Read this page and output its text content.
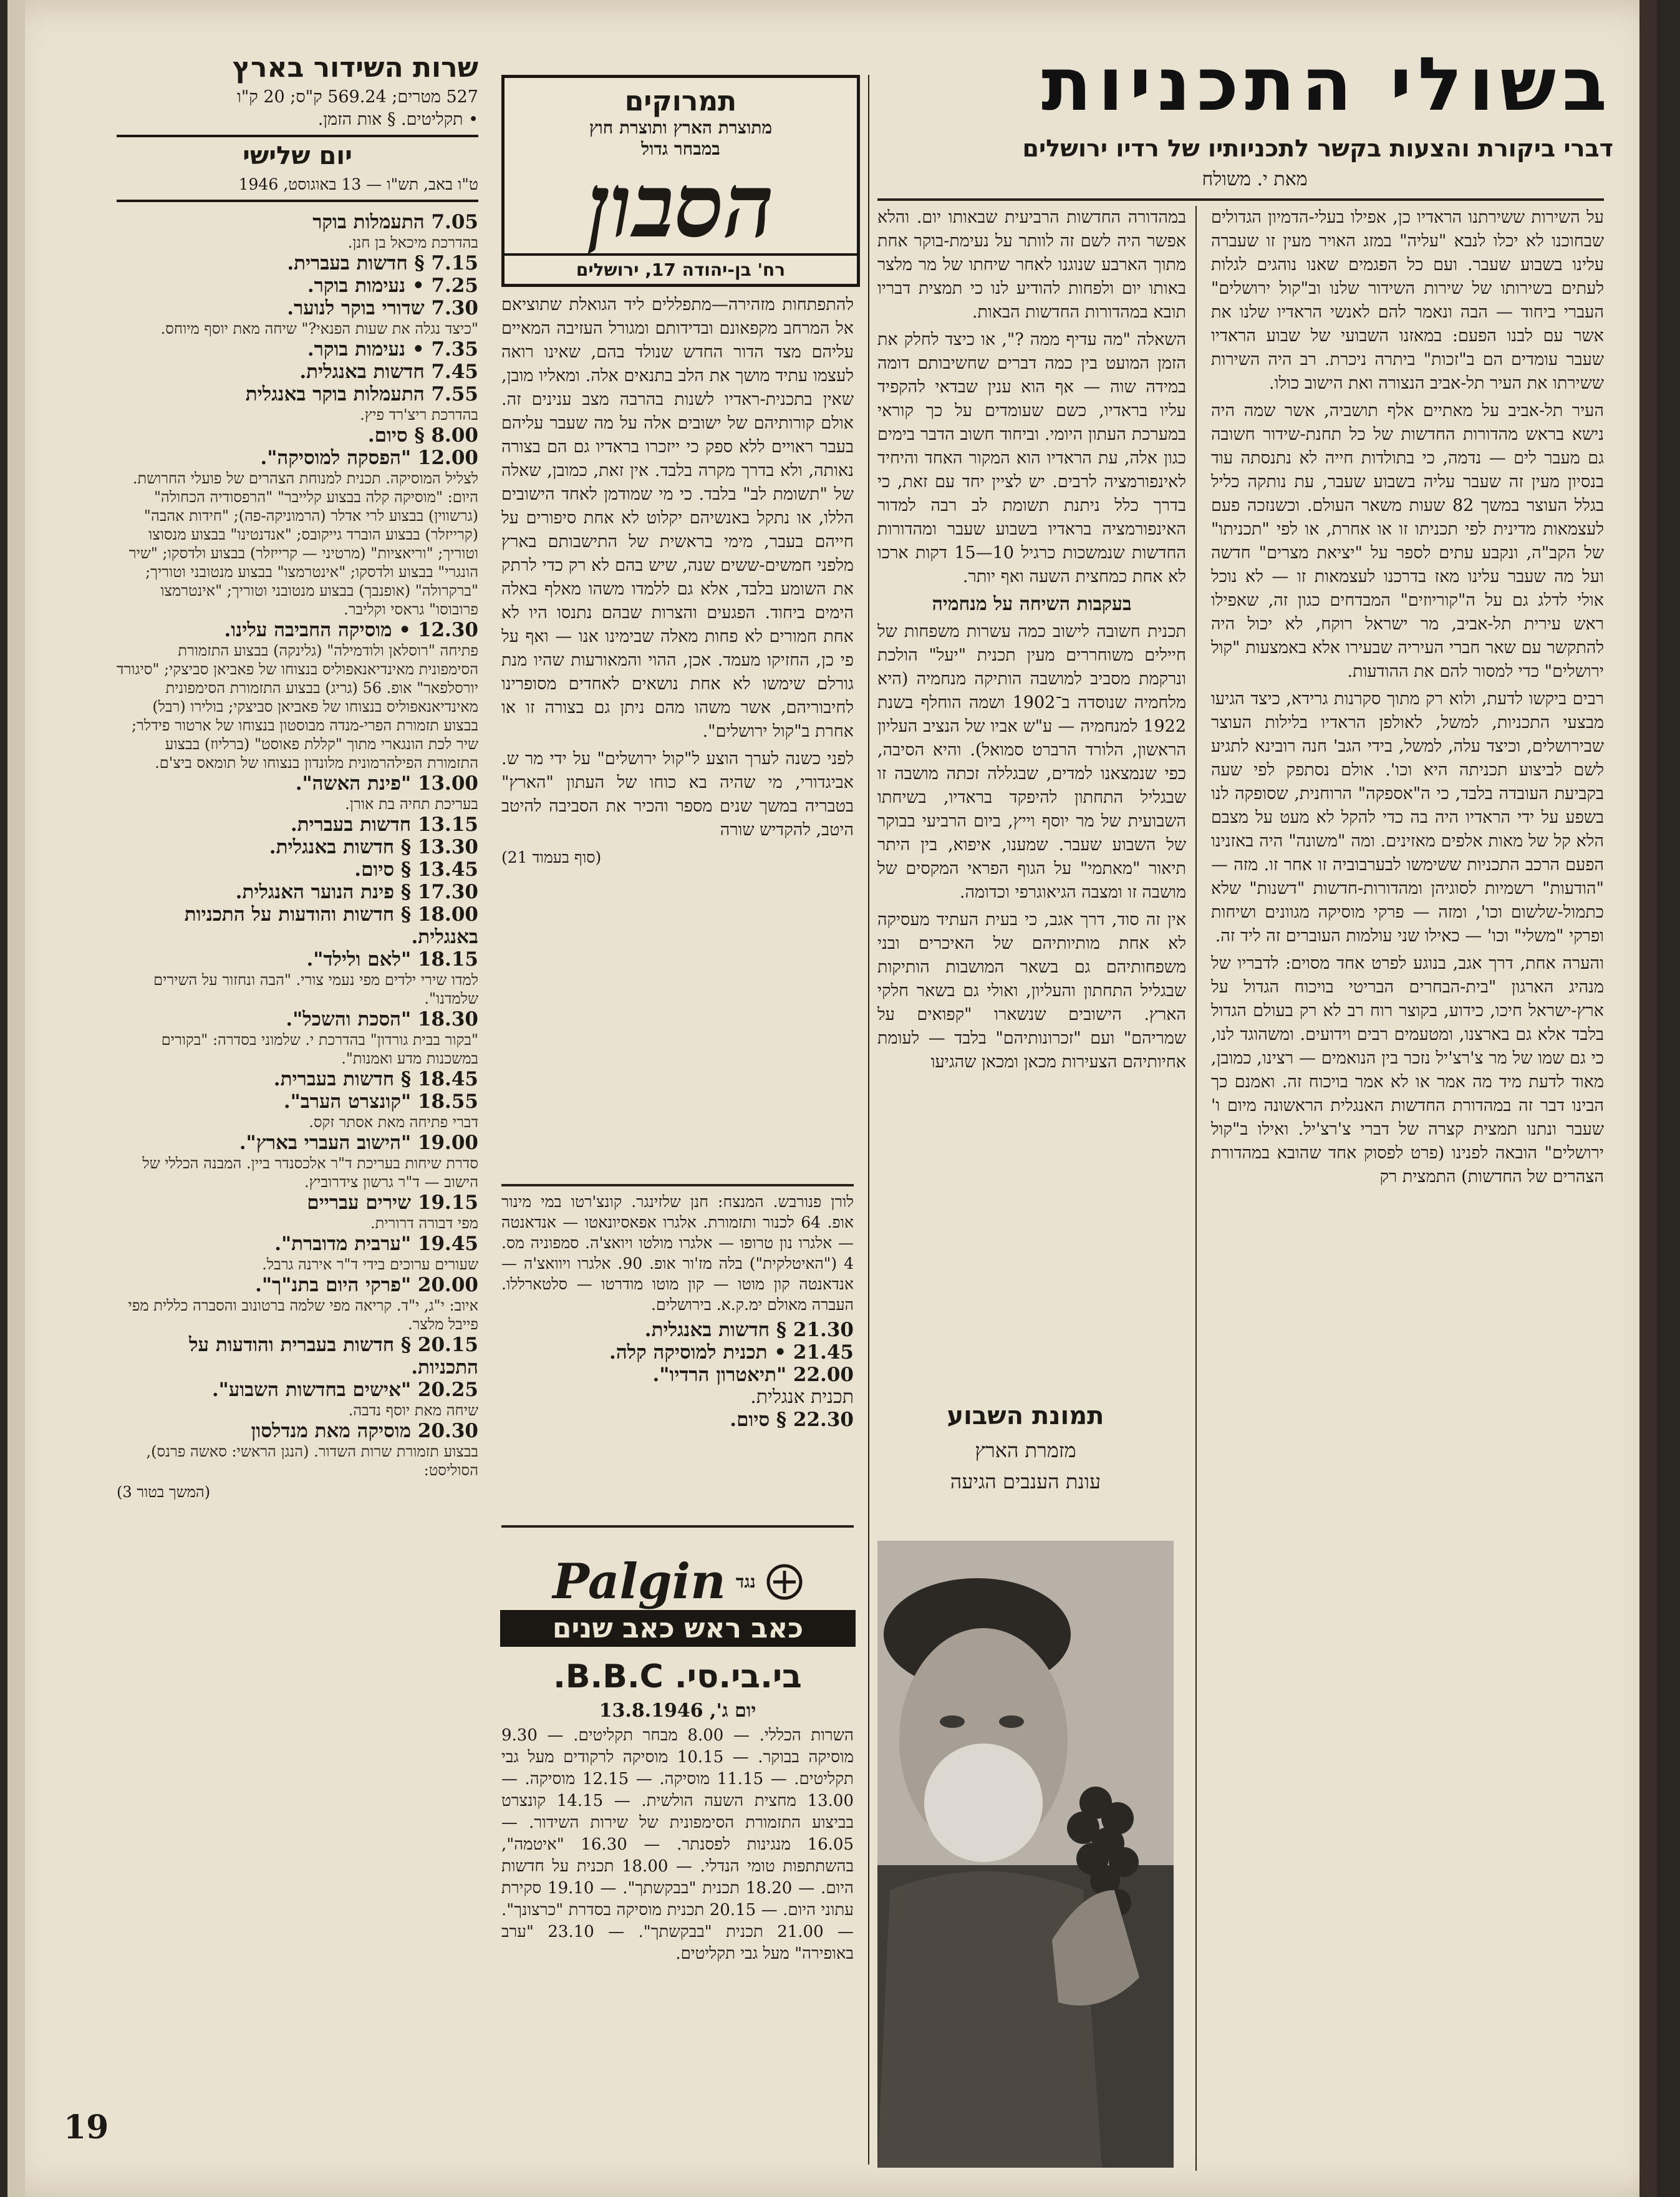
בשולי התכניות
דברי ביקורת והצעות בקשר לתכניותיו של רדיו ירושלים
מאת י. משולח

על השירות ששירתנו הראדיו כן, אפילו בעלי-הדמיון הגדולים שבחוכנו לא יכלו לנבא "עליה" במזג האויר מעין זו שעברה עלינו בשבוע שעבר. ועם כל הפגמים שאנו נוהגים לגלות לעתים בשירותו של שירות השידור שלנו וב"קול ירושלים" העברי ביחוד — הבה ונאמר להם לאנשי הראדיו שלנו את אשר עם לבנו הפעם: במאזנו השבועי של שבוע הראדיו שעבר עומדים הם ב"זכות" ביתרה ניכרת. רב היה השירות ששירתו את העיר תל-אביב הנצורה ואת הישוב כולו.

העיר תל-אביב על מאתיים אלף תושביה, אשר שמה היה נישא בראש מהדורות החדשות של כל תחנת-שידור חשובה גם מעבר לים — נדמה, כי בתולדות חייה לא נתנסתה עוד בנסיון מעין זה שעבר עליה בשבוע שעבר, עת נותקה כליל בגלל העוצר במשך 82 שעות משאר העולם. וכשנזכה פעם לעצמאות מדינית לפי תכניתו זו או אחרת, או לפי "תכניתו" של הקב"ה, ונקבע עתים לספר על "יציאת מצרים" חדשה ועל מה שעבר עלינו מאז בדרכנו לעצמאות זו — לא נוכל אולי לדלג גם על ה"קוריוזים" המבדחים כגון זה, שאפילו ראש עירית תל-אביב, מר ישראל רוקח, לא יכול היה להתקשר עם שאר חברי העיריה שבעירו אלא באמצעות "קול ירושלים" כדי למסור להם את ההודעות.

רבים ביקשו לדעת, ולוא רק מתוך סקרנות גרידא, כיצד הגיעו מבצעי התכניות, למשל, לאולפן הראדיו בלילות העוצר שבירושלים, וכיצד עלה, למשל, בידי הגב' חנה רובינא לתגיע לשם לביצוע תכניתה היא וכו'. אולם נסתפק לפי שעה בקביעת העובדה בלבד, כי ה"אספקה" הרוחנית, שסופקה לנו בשפע על ידי הראדיו היה בה כדי להקל לא מעט על מצבם הלא קל של מאות אלפים מאזינים. ומה "משונה" היה באזנינו הפעם הרכב התכניות ששימשו לבערבוביה זו אחר זו. מזה — "הודעות" רשמיות לסוגיהן ומהדורות-חדשות "דשנות" שלא כתמול-שלשום וכו', ומזה — פרקי מוסיקה מגוונים ושיחות ופרקי "משלי" וכו' — כאילו שני עולמות העוברים זה ליד זה.

והערה אחת, דרך אגב, בנוגע לפרט אחד מסוים: לדבריו של מנהיג הארגון "בית-הבחרים הבריטי בויכוח הגדול על ארץ-ישראל חיכו, כידוע, בקוצר רוח רב לא רק בעולם הגדול בלבד אלא גם בארצנו, ומטעמים רבים וידועים. ומשהוגד לנו, כי גם שמו של מר צ'רצ'יל נזכר בין הנואמים — רצינו, כמובן, מאוד לדעת מיד מה אמר או לא אמר בויכוח זה. ואמנם כך הבינו דבר זה במהדורת החדשות האנגלית הראשונה מיום ו' שעבר ונתנו תמצית קצרה של דברי צ'רצ'יל. ואילו ב"קול ירושלים" הובאה לפנינו (פרט לפסוק אחד שהובא במהדורת הצהרים של החדשות) התמצית רק

במהדורה החדשות הרביעית שבאותו יום. והלא אפשר היה לשם זה לוותר על נעימת-בוקר אחת מתוך הארבע שנוגנו לאחר שיחתו של מר מלצר באותו יום ולפחות להודיע לנו כי תמצית דבריו תובא במהדורות החדשות הבאות.

השאלה "מה עדיף ממה ?", או כיצד לחלק את הזמן המועט בין כמה דברים שחשיבותם דומה במידה שוה — אף הוא ענין שבדאי להקפיד עליו בראדיו, כשם שעומדים על כך קוראי במערכת העתון היומי. וביחוד חשוב הדבר בימים כגון אלה, עת הראדיו הוא המקור האחד והיחיד לאינפורמציה לרבים. יש לציין יחד עם זאת, כי בדרך כלל ניתנת תשומת לב רבה למדור האינפורמציה בראדיו בשבוע שעבר ומהדורות החדשות שנמשכות כרגיל 10—15 דקות ארכו לא אחת כמחצית השעה ואף יותר.

בעקבות השיחה על מנחמיה

תכנית חשובה לישוב כמה עשרות משפחות של חיילים משוחררים מעין תכנית "יעל" הולכת ונרקמת מסביב למושבה הותיקה מנחמיה (היא מלחמיה שנוסדה ב־1902 ושמה הוחלף בשנת 1922 למנחמיה — ע"ש אביו של הנציב העליון הראשון, הלורד הרברט סמואל). והיא הסיבה, כפי שנמצאנו למדים, שבגללה זכתה מושבה זו שבגליל התחתון להיפקד בראדיו, בשיחתו השבועית של מר יוסף וייץ, ביום הרביעי בבוקר של השבוע שעבר. שמענו, איפוא, בין היתר תיאור "מאתמי" על הגוף הפראי המקסים של מושבה זו ומצבה הגיאוגרפי וכדומה.

אין זה סוד, דרך אגב, כי בעית העתיד מעסיקה לא אחת מותיותיהם של האיכרים ובני משפחותיהם גם בשאר המושבות הותיקות שבגליל התחתון והעליון, ואולי גם בשאר חלקי הארץ. הישובים שנשארו "קפואים על שמריהם" ועם "זכרונותיהם" בלבד — לעומת אחיותיהם הצעירות מכאן ומכאן שהגיעו

תמונת השבוע
מזמרת הארץ
עונת הענבים הגיעה
תמרוקים
מתוצרת הארץ ותוצרת חוץ
במבחר גדול
הסבון
רח' בן-יהודה 17, ירושלים

להתפתחות מזהירה—מתפללים ליד הגואלת שתוציאם אל המרחב מקפאונם ובדידותם ומגורל העזיבה המאיים עליהם מצד הדור החדש שנולד בהם, שאינו רואה לעצמו עתיד מושך את הלב בתנאים אלה. ומאליו מובן, שאין בתכנית-ראדיו לשנות בהרבה מצב ענינים זה. אולם קורותיהם של ישובים אלה על מה שעבר עליהם בעבר ראויים ללא ספק כי ייזכרו בראדיו גם הם בצורה נאותה, ולא בדרך מקרה בלבד. אין זאת, כמובן, שאלה של "תשומת לב" בלבד. כי מי שמודמן לאחד הישובים הללו, או נתקל באנשיהם יקלוט לא אחת סיפורים על חייהם בעבר, מימי בראשית של התישבותם בארץ מלפני חמשים-ששים שנה, שיש בהם לא רק כדי לרתק את השומע בלבד, אלא גם ללמדו משהו מאלף באלה הימים ביחוד. הפגעים והצרות שבהם נתנסו היו לא אחת חמורים לא פחות מאלה שבימינו אנו — ואף על פי כן, החזיקו מעמד. אכן, ההוי והמאורעות שהיו מנת גורלם שימשו לא אחת נושאים לאחדים מסופרינו לחיבוריהם, אשר משהו מהם ניתן גם בצורה זו או אחרת ב"קול ירושלים".

לפני כשנה לערך הוצע ל"קול ירושלים" על ידי מר ש. אביגדורי, מי שהיה בא כוחו של העתון "הארץ" בטבריה במשך שנים מספר והכיר את הסביבה להיטב היטב, להקדיש שורה

(סוף בעמוד 21)

לורן פנורבש. המנצח: חנן שלזינגר. קונצ'רטו במי מינור אופ. 64 לכנור ותזמורת. אלגרו אפאסיונאטו — אנדאנטה — אלגרו נון טרופו — אלגרו מולטו ויואצ'ה. סמפוניה מס. 4 ("האיטלקית") בלה מז'ור אופ. 90. אלגרו ויוואצ'ה — אנדאנטה קון מוטו — קון מוטו מודרטו — סלטארללו. העברה מאולם ימ.ק.א. בירושלים.

21.30 § חדשות באנגלית.
21.45 • תכנית למוסיקה קלה.
22.00 "תיאטרון הרדיו".
תכנית אנגלית.
22.30 § סיום.
Palgin נגד
כאב ראש כאב שנים
בי.בי.סי. B.B.C.
יום ג', 13.8.1946

השרות הכללי. — 8.00 מבחר תקליטים. — 9.30 מוסיקה בבוקר. — 10.15 מוסיקה לרקודים מעל גבי תקליטים. — 11.15 מוסיקה. — 12.15 מוסיקה. — 13.00 מחצית השעה הולשית. — 14.15 קונצרט בביצוע התזמורת הסימפונית של שירות השידור. — 16.05 מנגינות לפסנתר. — 16.30 "איטמה", בהשתתפות טומי הנדלי. — 18.00 תכנית על חדשות היום. — 18.20 תכנית "בבקשתך". — 19.10 סקירת עתוני היום. — 20.15 תכנית מוסיקה בסדרת "כרצונך". — 21.00 תכנית "בבקשתך". — 23.10 "ערב באופירה" מעל גבי תקליטים.

שרות השידור בארץ
527 מטרים; 569.24 ק"ס; 20 ק"ו
• תקליטים. § אות הזמן.
יום שלישי
ט"ו באב, תש"ו — 13 באוגוסט, 1946
7.05 התעמלות בוקר
בהדרכת מיכאל בן חנן.
7.15 § חדשות בעברית.
7.25 • נעימות בוקר.
7.30 שדורי בוקר לנוער.
"כיצד נגלה את שעות הפנאי?" שיחה מאת יוסף מיוחס.
7.35 • נעימות בוקר.
7.45 חדשות באנגלית.
7.55 התעמלות בוקר באנגלית
בהדרכת ריצ'רד פיץ.
8.00 § סיום.
12.00 "הפסקה למוסיקה".
לצליל המוסיקה. תכנית למנוחת הצהרים של פועלי החרושת. היום: "מוסיקה קלה בבצוע קלייבר" "הרפסודיה הכחולה" (גרשווין) בבצוע לרי אדלר (הרמוניקה-פה); "חידות אהבה" (קרייזלר) בבצוע הוברד גייקובס; "אנדנטינו" בבצוע מנסוצו וטוריך; "וריאציות" (מרטיני — קרייזלר) בבצוע ולדסקו; "שיר הונגרי" בבצוע ולדסקו; "אינטרמצו" בבצוע מנטובני וטוריך; "ברקרולה" (אופנבך) בבצוע מנטובני וטוריך; "אינטרמצו פרובוסו" גראסי וקליבר.
12.30 • מוסיקה החביבה עלינו.
פתיחה "רוסלאן ולודמילה" (גלינקה) בבצוע התזמורת הסימפונית מאינדיאנאפוליס בנצוחו של פאביאן סביצקי; "סיגורד יורסלפאר" אופ. 56 (גריג) בבצוע התזמורת הסימפונית מאינדיאנאפוליס בנצוחו של פאביאן סביצקי; בולירו (רבל) בבצוע תזמורת הפרי-מנדה מבוסטון בנצוחו של ארטור פידלר; שיר לכת הונגארי מתוך "קללת פאוסט" (ברליוז) בבצוע התזמורת הפילהרמונית מלונדון בנצוחו של תומאס ביצ'ם.
13.00 "פינת האשה".
בעריכת תחיה בת אורן.
13.15 חדשות בעברית.
13.30 § חדשות באנגלית.
13.45 § סיום.
17.30 § פינת הנוער האנגלית.
18.00 § חדשות והודעות על התכניות באנגלית.
18.15 "לאם ולילד".
למדו שירי ילדים מפי נעמי צורי. "הבה ונחזור על השירים שלמדנו".
18.30 "הסכת והשכל".
"בקור בבית גורדון" בהדרכת י. שלמוני בסדרה: "בקורים במשכנות מדע ואמנות".
18.45 § חדשות בעברית.
18.55 "קונצרט הערב".
דברי פתיחה מאת אסתר זקס.
19.00 "הישוב העברי בארץ".
סדרת שיחות בעריכת ד"ר אלכסנדר ביין. המבנה הכללי של הישוב — ד"ר גרשון צידרוביץ.
19.15 שירים עבריים
מפי דבורה דרורית.
19.45 "ערבית מדוברת".
שעורים ערוכים בידי ד"ר אירנה גרבל.
20.00 "פרקי היום בתנ"ך".
איוב: י"ג, י"ד. קריאה מפי שלמה ברטונוב והסברה כללית מפי פייבל מלצר.
20.15 § חדשות בעברית והודעות על התכניות.
20.25 "אישים בחדשות השבוע".
שיחה מאת יוסף נדבה.
20.30 מוסיקה מאת מנדלסון
בבצוע תזמורת שרות השדור. (הנגן הראשי: סאשה פרנס), הסוליסט:
(המשך בטור 3)
19
